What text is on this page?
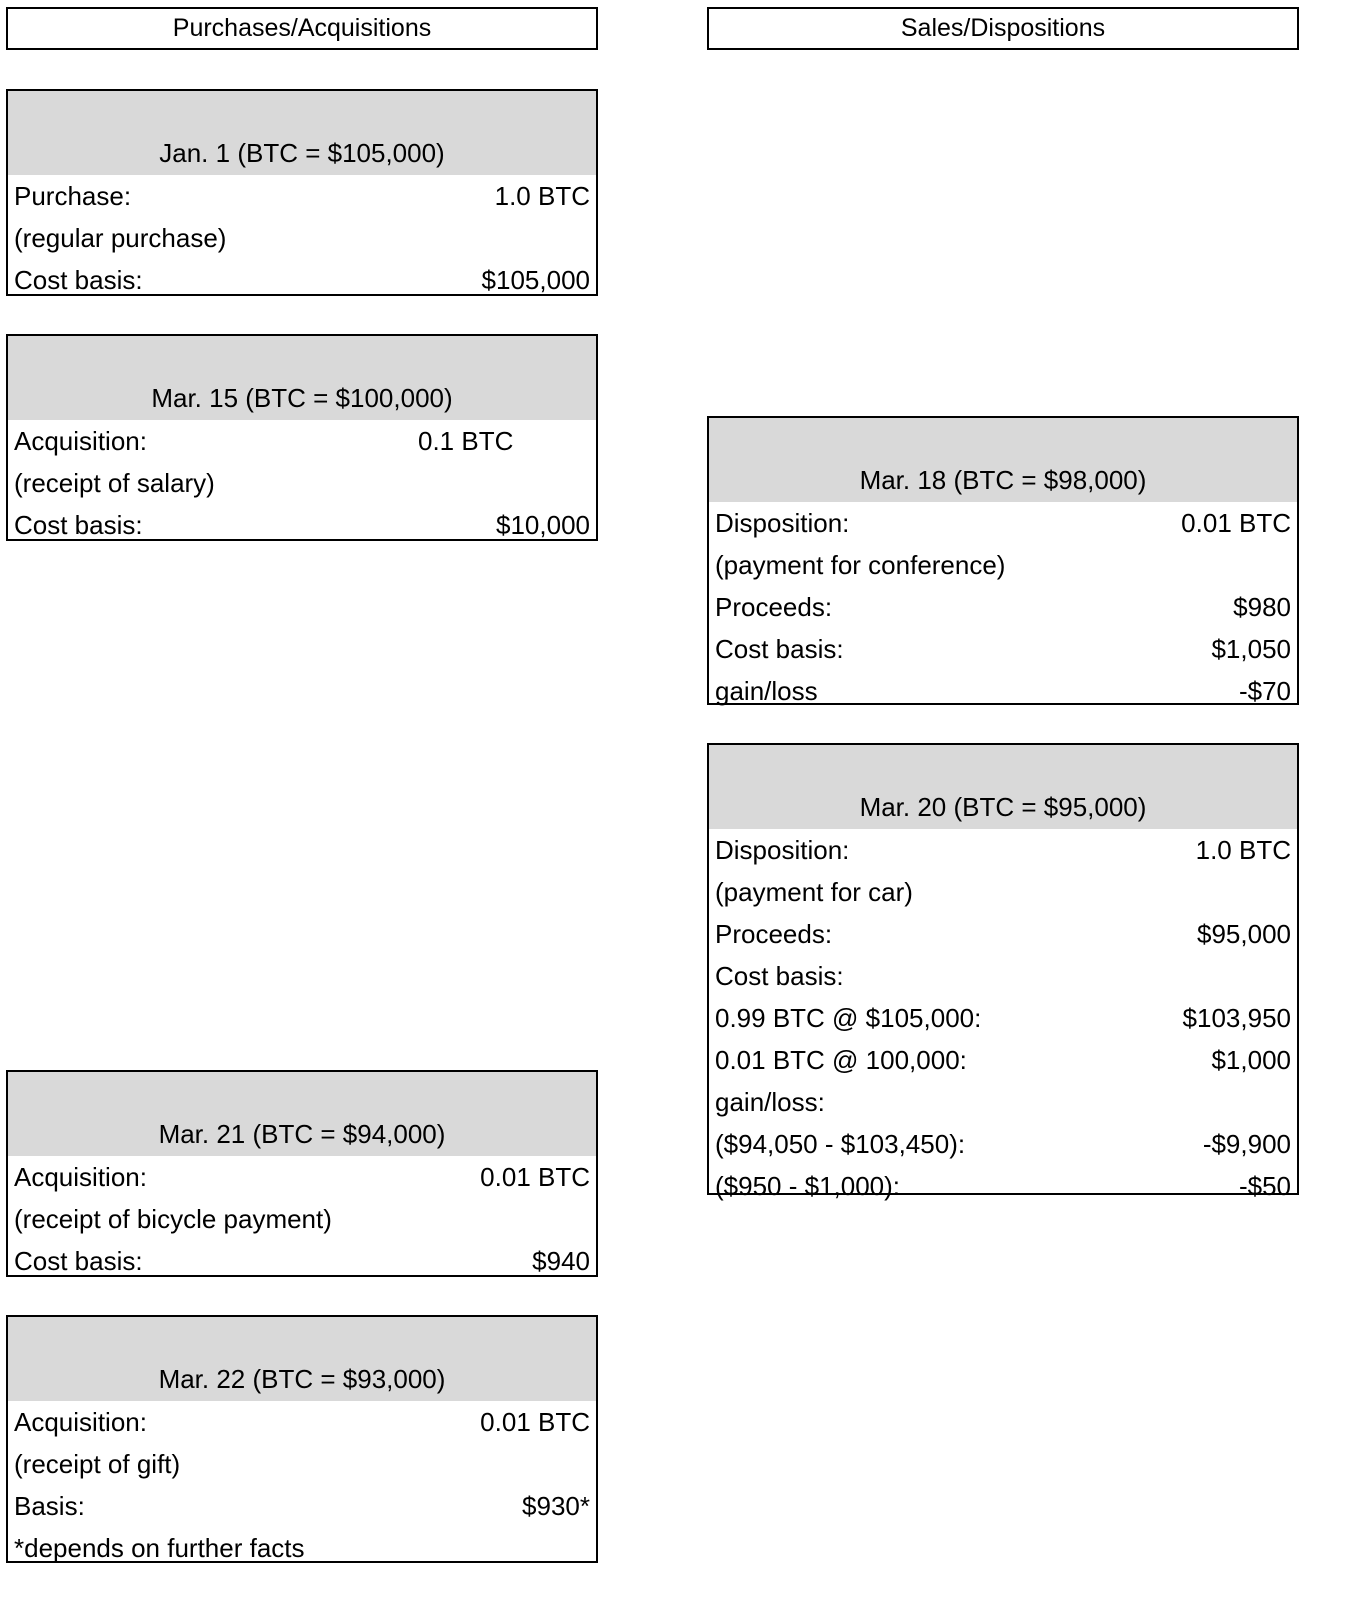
Purchases/Acquisitions	Sales/Dispositions
Jan. 1 (BTC = $105,000)
Purchase:	1.0 BTC
(regular purchase)
Cost basis:	$105,000
Mar. 15 (BTC = $100,000)
Acquisition:	0.1 BTC
(receipt of salary)
Cost basis:	$10,000
Mar. 18 (BTC = $98,000)
Disposition:	0.01 BTC
(payment for conference)
Proceeds:	$980
Cost basis:	$1,050
gain/loss	-$70
Mar. 20 (BTC = $95,000)
Disposition:	1.0 BTC
(payment for car)
Proceeds:	$95,000
Cost basis:
0.99 BTC @ $105,000:	$103,950
0.01 BTC @ 100,000:	$1,000
gain/loss:
($94,050 - $103,450):	-$9,900
($950 - $1,000):	-$50
Mar. 21 (BTC = $94,000)
Acquisition:	0.01 BTC
(receipt of bicycle payment)
Cost basis:	$940
Mar. 22 (BTC = $93,000)
Acquisition:	0.01 BTC
(receipt of gift)
Basis:	$930*
*depends on further facts
